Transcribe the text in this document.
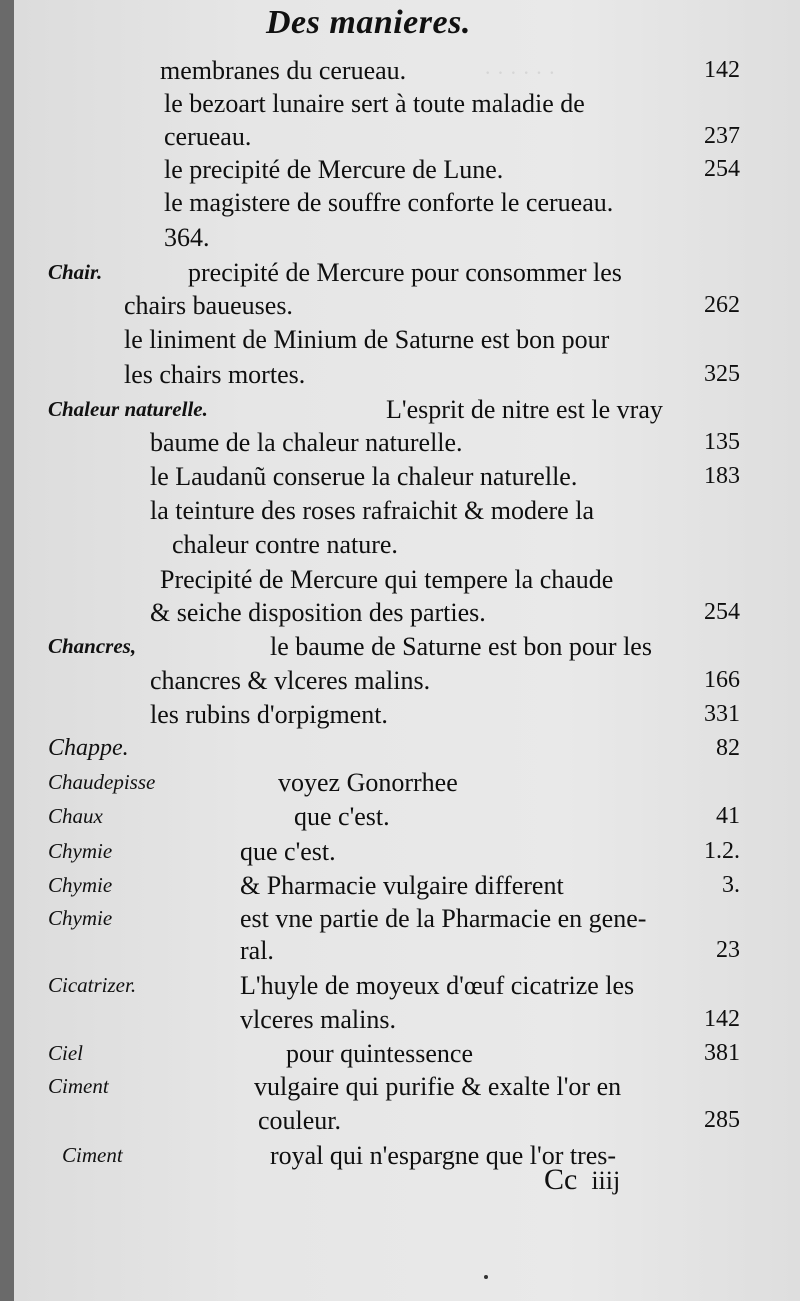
· · · · · ·
Des manieres.
membranes du cerueau.	142
le bezoart lunaire sert à toute maladie de
cerueau.	237
le precipité de Mercure de Lune.	254
le magistere de souffre conforte le cerueau.
364.
Chair.	precipité de Mercure pour consommer les
chairs baueuses.	262
le liniment de Minium de Saturne est bon pour
les chairs mortes.	325
Chaleur naturelle.	L'esprit de nitre est le vray
baume de la chaleur naturelle.	135
le Laudanũ conserue la chaleur naturelle.	183
la teinture des roses rafraichit & modere la
chaleur contre nature.
Precipité de Mercure qui tempere la chaude
& seiche disposition des parties.	254
Chancres,	le baume de Saturne est bon pour les
chancres & vlceres malins.	166
les rubins d'orpigment.	331
Chappe.	82
Chaudepisse	voyez Gonorrhee
Chaux	que c'est.	41
Chymie	que c'est.	1.2.
Chymie	& Pharmacie vulgaire different	3.
Chymie	est vne partie de la Pharmacie en gene-
ral.	23
Cicatrizer.	L'huyle de moyeux d'œuf cicatrize les
vlceres malins.	142
Ciel	pour quintessence	381
Ciment	vulgaire qui purifie & exalte l'or en
couleur.	285
Ciment	royal qui n'espargne que l'or tres-
Cc iiij
